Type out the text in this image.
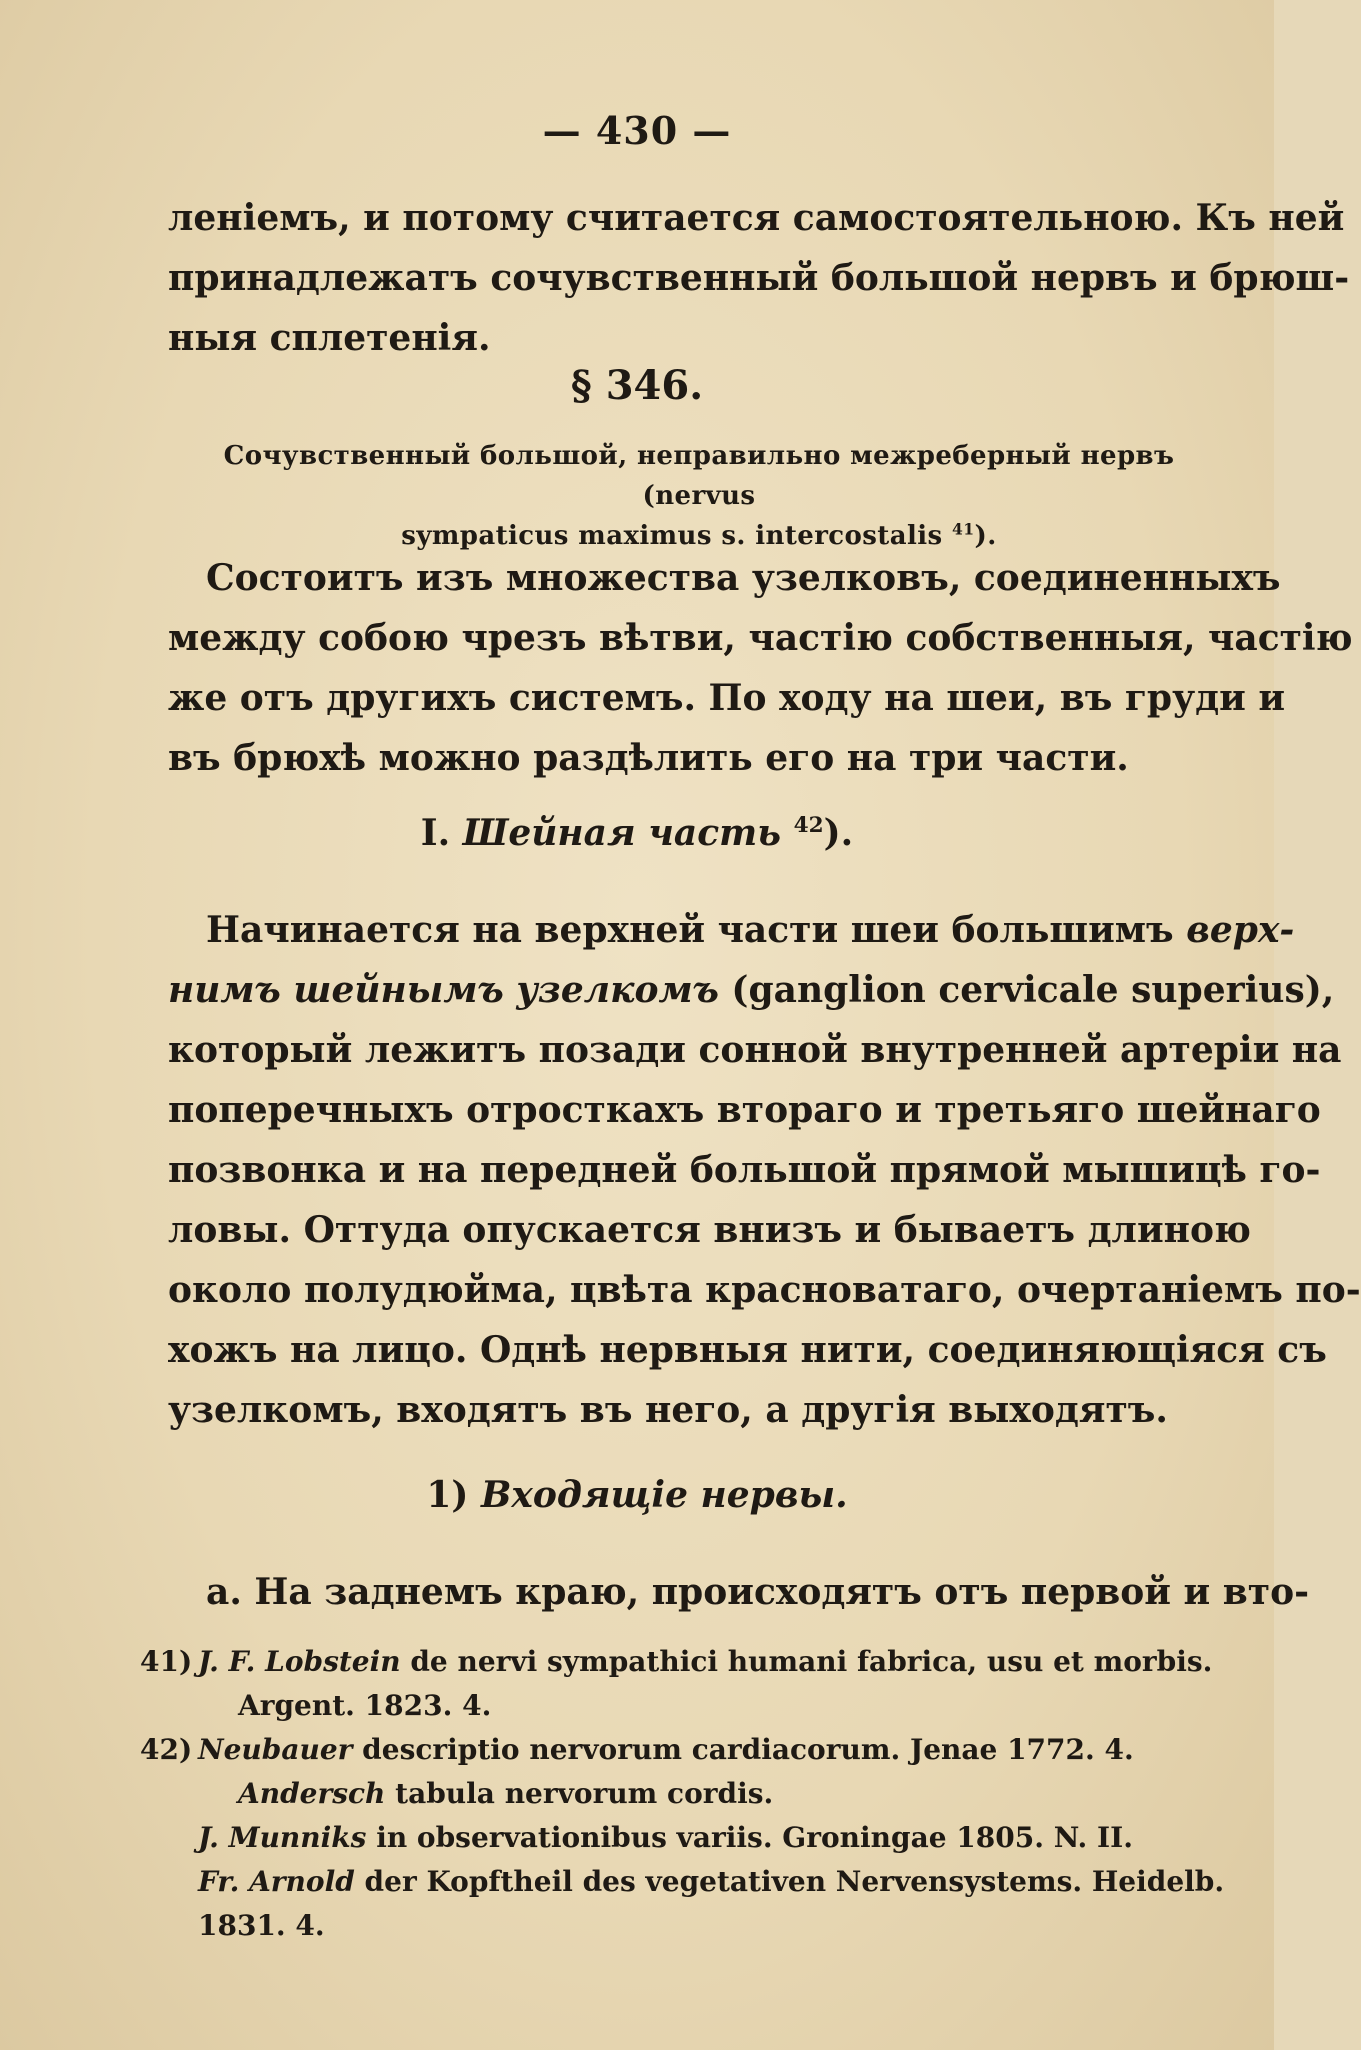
— 430 —
ленiемъ, и потому считается самостоятельною. Къ ней
принадлежатъ сочувственный большой нервъ и брюш-
ныя сплетенiя.
§ 346.
Сочувственный большой, неправильно межреберный нервъ (nervus
sympaticus maximus s. intercostalis $^{41}$).
Состоитъ изъ множества узелковъ, соединенныхъ
между собою чрезъ вѣтви, частiю собственныя, частiю
же отъ другихъ системъ. По ходу на шеи, въ груди и
въ брюхѣ можно раздѣлить его на три части.
I. Шейная часть $^{42}$).
Начинается на верхней части шеи большимъ верх-
нимъ шейнымъ узелкомъ (ganglion cervicale superius),
который лежитъ позади сонной внутренней артерiи на
поперечныхъ отросткахъ втораго и третьяго шейнаго
позвонка и на передней большой прямой мышицѣ го-
ловы. Оттуда опускается внизъ и бываетъ длиною
около полудюйма, цвѣта красноватаго, очертанiемъ по-
хожъ на лицо. Однѣ нервныя нити, соединяющiяся съ
узелкомъ, входятъ въ него, а другiя выходятъ.
1) Входящiе нервы.
а. На заднемъ краю, происходятъ отъ первой и вто-
41) J. F. Lobstein de nervi sympathici humani fabrica, usu et morbis.
Argent. 1823. 4.
42) Neubauer descriptio nervorum cardiacorum. Jenae 1772. 4.
Andersch tabula nervorum cordis.
J. Munniks in observationibus variis. Groningae 1805. N. II.
Fr. Arnold der Kopftheil des vegetativen Nervensystems. Heidelb.
1831. 4.
